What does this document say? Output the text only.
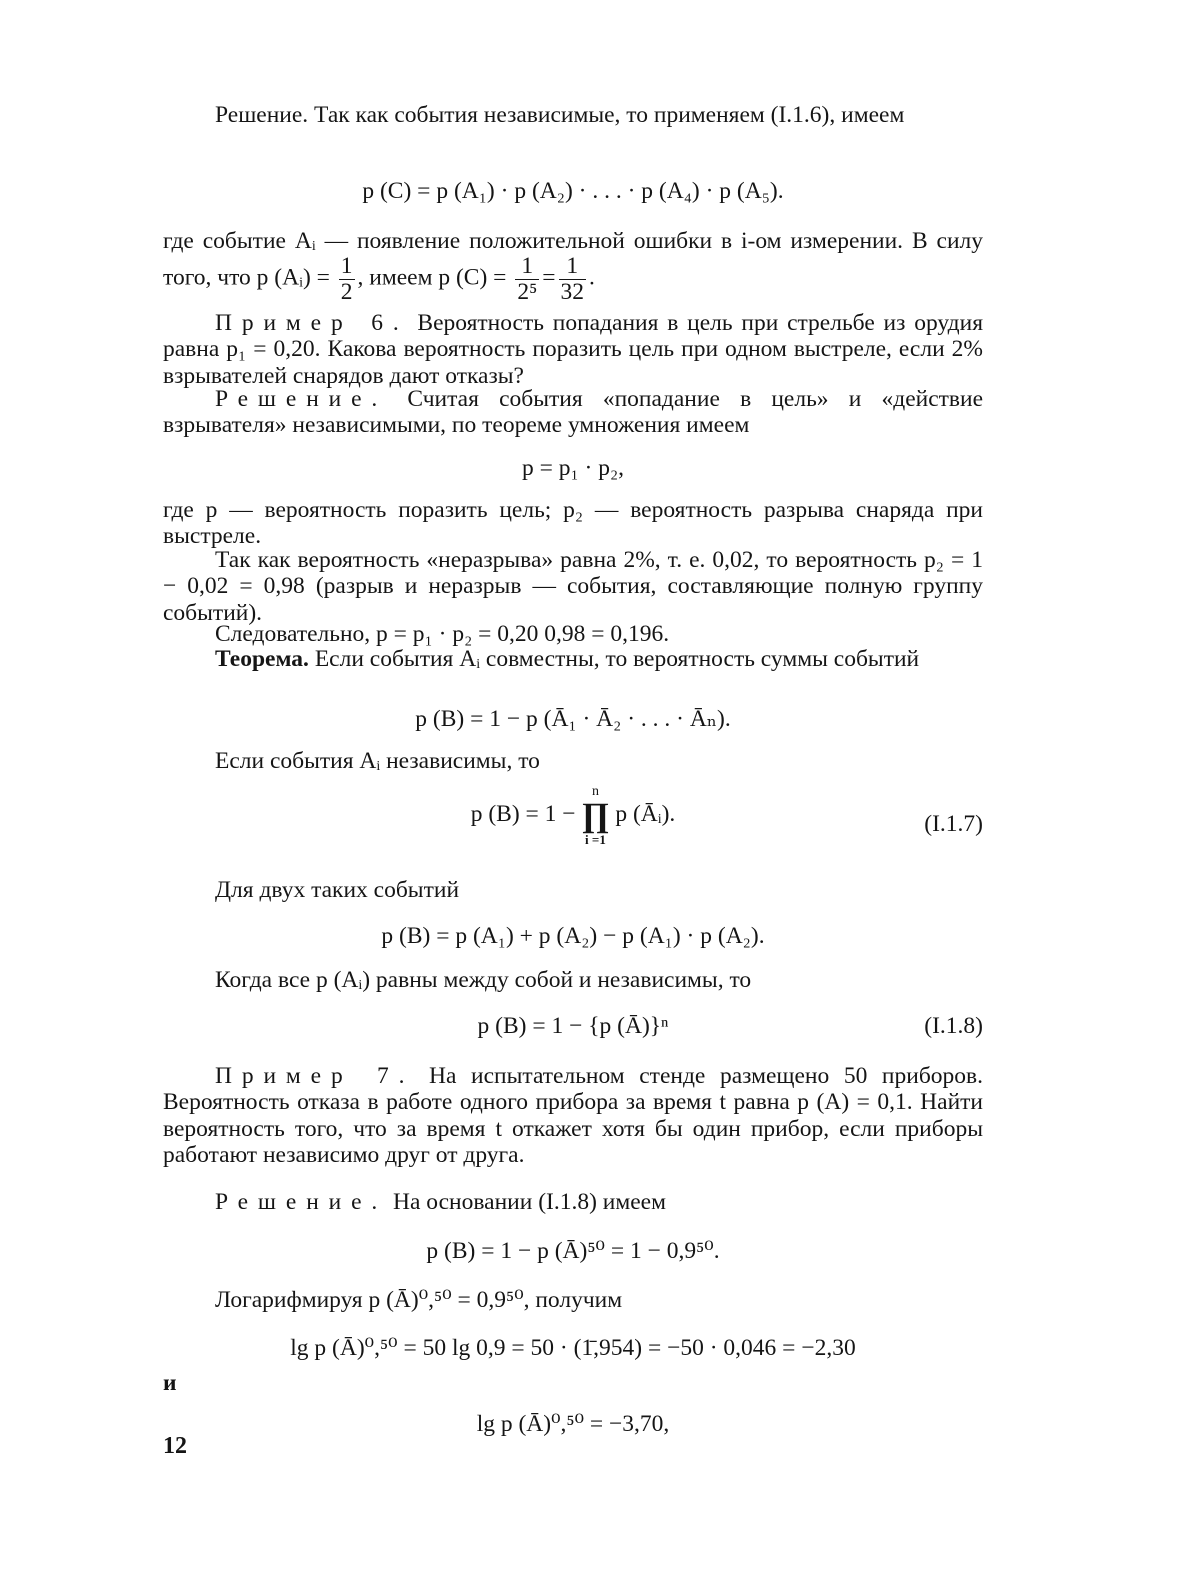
Решение. Так как события независимые, то применяем (I.1.6), имеем
p (C) = p (A₁) · p (A₂) · . . . · p (A₄) · p (A₅).
где событие Aᵢ — появление положительной ошибки в i-ом измерении. В силу того, что p (Aᵢ) = $\frac{1}{2}$ , имеем p $(C) = \frac{1}{\text{2⁵}} = \frac{1}{32}$ .
Пример 6. Вероятность попадания в цель при стрельбе из орудия равна p₁ = 0,20. Какова вероятность поразить цель при одном выстреле, если 2% взрывателей снарядов дают отказы?
Решение. Считая события «попадание в цель» и «действие взрывателя» независимыми, по теореме умножения имеем
p = p₁ · p₂,
где p — вероятность поразить цель; p₂ — вероятность разрыва снаряда при выстреле.
Так как вероятность «неразрыва» равна 2%, т. е. 0,02, то вероятность p₂ = 1 − 0,02 = 0,98 (разрыв и неразрыв — события, составляющие полную группу событий).
Следовательно, p = p₁ · p₂ = 0,20 0,98 = 0,196.
Теорема. Если события Aᵢ совместны, то вероятность суммы событий
p (B) = 1 − p (Ā₁ · Ā₂ · . . . · Āₙ).
Если события Aᵢ независимы, то
p (B) = 1 −
n
∏
i =1
p (Āᵢ).	(I.1.7)
Для двух таких событий
p (B) = p (A₁) + p (A₂) − p (A₁) · p (A₂).
Когда все p (Aᵢ) равны между собой и независимы, то
p (B) = 1 − {p (Ā)}ⁿ	(I.1.8)
Пример 7. На испытательном стенде размещено 50 приборов. Вероятность отказа в работе одного прибора за время t равна p (A) = 0,1. Найти вероятность того, что за время t откажет хотя бы один прибор, если приборы работают независимо друг от друга.
Решение. На основании (I.1.8) имеем
p (B) = 1 − p (Ā)⁵⁰ = 1 − 0,9⁵⁰.
Логарифмируя p (Ā)⁰,⁵⁰ = 0,9⁵⁰, получим
lg p (Ā)⁰,⁵⁰ = 50 lg 0,9 = 50 · (1̄,954) = −50 · 0,046 = −2,30
и
lg p (Ā)⁰,⁵⁰ = −3,70,
12
